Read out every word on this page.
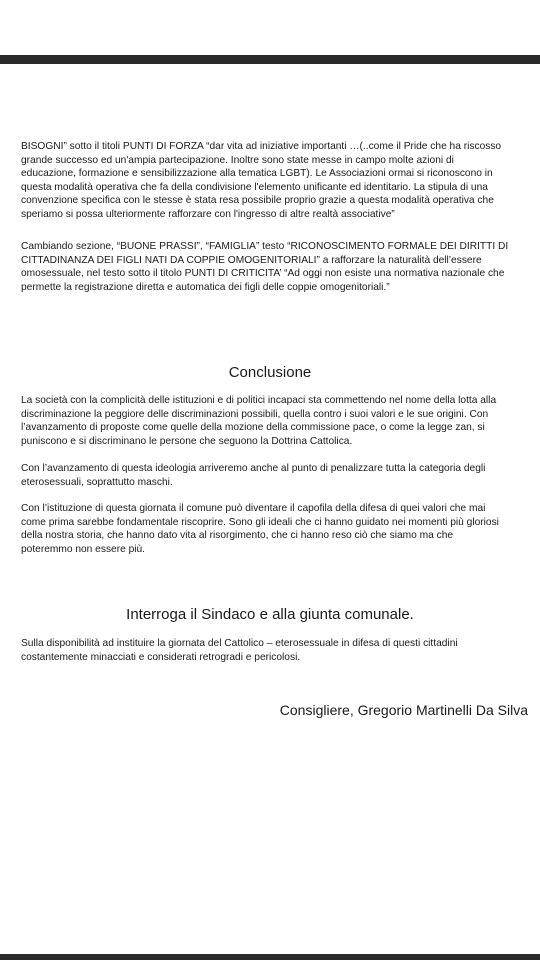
BISOGNI” sotto il titoli PUNTI DI FORZA “dar vita ad iniziative importanti …(..come il Pride che ha riscosso
grande successo ed un'ampia partecipazione. Inoltre sono state messe in campo molte azioni di
educazione, formazione e sensibilizzazione alla tematica LGBT). Le Associazioni ormai si riconoscono in
questa modalità operativa che fa della condivisione l'elemento unificante ed identitario. La stipula di una
convenzione specifica con le stesse è stata resa possibile proprio grazie a questa modalità operativa che
speriamo si possa ulteriormente rafforzare con l'ingresso di altre realtà associative”

Cambiando sezione, “BUONE PRASSI”, “FAMIGLIA” testo “RICONOSCIMENTO FORMALE DEI DIRITTI DI
CITTADINANZA DEI FIGLI NATI DA COPPIE OMOGENITORIALI” a rafforzare la naturalità dell’essere
omosessuale, nel testo sotto il titolo PUNTI DI CRITICITA’ “Ad oggi non esiste una normativa nazionale che
permette la registrazione diretta e automatica dei figli delle coppie omogenitoriali.”

La società con la complicità delle istituzioni e di politici incapaci sta commettendo nel nome della lotta alla
discriminazione la peggiore delle discriminazioni possibili, quella contro i suoi valori e le sue origini. Con
l’avanzamento di proposte come quelle della mozione della commissione pace, o come la legge zan, si
puniscono e si discriminano le persone che seguono la Dottrina Cattolica.

Con l’avanzamento di questa ideologia arriveremo anche al punto di penalizzare tutta la categoria degli
eterosessuali, soprattutto maschi.

Con l’istituzione di questa giornata il comune può diventare il capofila della difesa di quei valori che mai
come prima sarebbe fondamentale riscoprire. Sono gli ideali che ci hanno guidato nei momenti più gloriosi
della nostra storia, che hanno dato vita al risorgimento, che ci hanno reso ciò che siamo ma che
poteremmo non essere più.

Sulla disponibilità ad instituire la giornata del Cattolico – eterosessuale in difesa di questi cittadini
costantemente minacciati e considerati retrogradi e pericolosi.

Conclusione
Interroga il Sindaco e alla giunta comunale.
Consigliere, Gregorio Martinelli Da Silva
